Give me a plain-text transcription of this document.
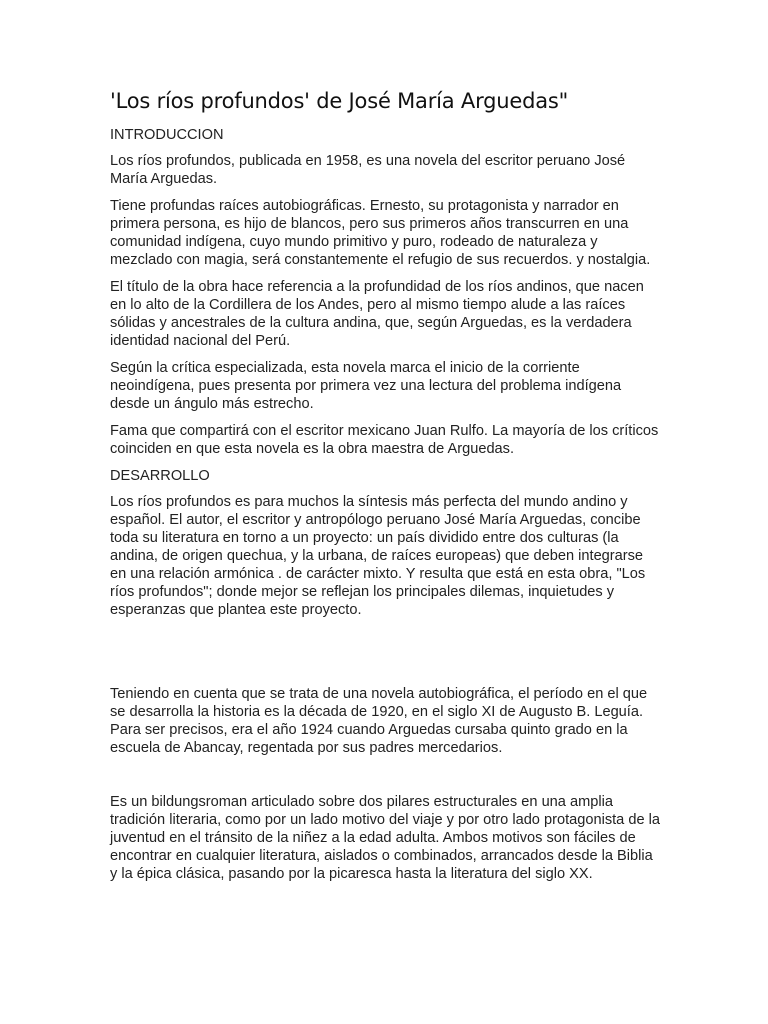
'Los ríos profundos' de José María Arguedas"
INTRODUCCION

Los ríos profundos, publicada en 1958, es una novela del escritor peruano José María Arguedas.

Tiene profundas raíces autobiográficas. Ernesto, su protagonista y narrador en primera persona, es hijo de blancos, pero sus primeros años transcurren en una comunidad indígena, cuyo mundo primitivo y puro, rodeado de naturaleza y mezclado con magia, será constantemente el refugio de sus recuerdos. y nostalgia.

El título de la obra hace referencia a la profundidad de los ríos andinos, que nacen en lo alto de la Cordillera de los Andes, pero al mismo tiempo alude a las raíces sólidas y ancestrales de la cultura andina, que, según Arguedas, es la verdadera identidad nacional del Perú.

Según la crítica especializada, esta novela marca el inicio de la corriente neoindígena, pues presenta por primera vez una lectura del problema indígena desde un ángulo más estrecho.

Fama que compartirá con el escritor mexicano Juan Rulfo. La mayoría de los críticos coinciden en que esta novela es la obra maestra de Arguedas.

DESARROLLO

Los ríos profundos es para muchos la síntesis más perfecta del mundo andino y español. El autor, el escritor y antropólogo peruano José María Arguedas, concibe toda su literatura en torno a un proyecto: un país dividido entre dos culturas (la andina, de origen quechua, y la urbana, de raíces europeas) que deben integrarse en una relación armónica . de carácter mixto. Y resulta que está en esta obra, "Los ríos profundos"; donde mejor se reflejan los principales dilemas, inquietudes y esperanzas que plantea este proyecto.

Teniendo en cuenta que se trata de una novela autobiográfica, el período en el que se desarrolla la historia es la década de 1920, en el siglo XI de Augusto B. Leguía. Para ser precisos, era el año 1924 cuando Arguedas cursaba quinto grado en la escuela de Abancay, regentada por sus padres mercedarios.

Es un bildungsroman articulado sobre dos pilares estructurales en una amplia tradición literaria, como por un lado motivo del viaje y por otro lado protagonista de la juventud en el tránsito de la niñez a la edad adulta. Ambos motivos son fáciles de encontrar en cualquier literatura, aislados o combinados, arrancados desde la Biblia y la épica clásica, pasando por la picaresca hasta la literatura del siglo XX.
